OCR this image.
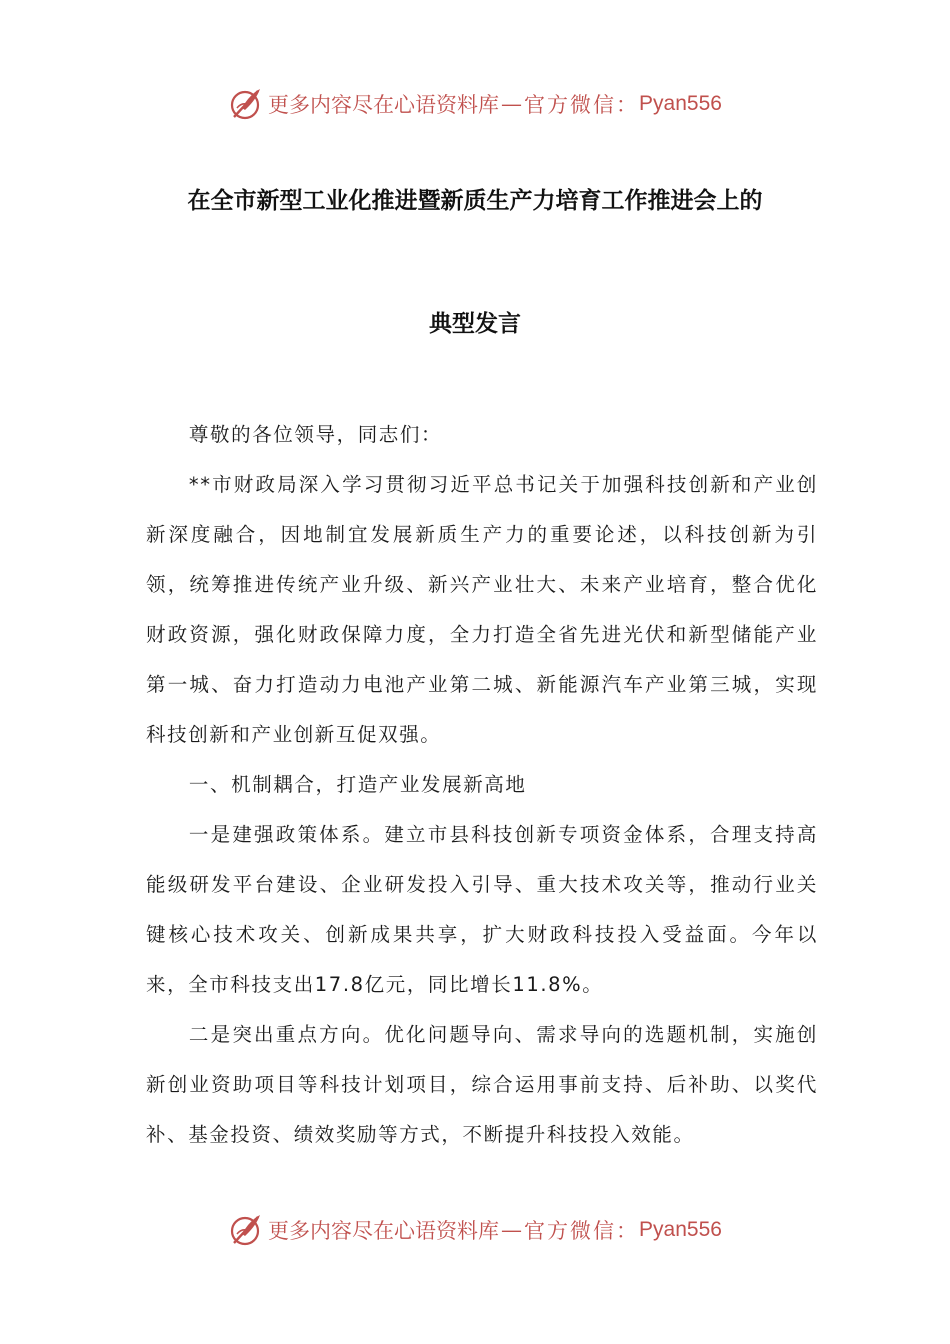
更多内容尽在心语资料库 — 官方微信： Pyan556
在全市新型工业化推进暨新质生产力培育工作推进会上的
典型发言

尊敬的各位领导，同志们：

**市财政局深入学习贯彻习近平总书记关于加强科技创新和产业创新深度融合，因地制宜发展新质生产力的重要论述，以科技创新为引领，统筹推进传统产业升级、新兴产业壮大、未来产业培育，整合优化财政资源，强化财政保障力度，全力打造全省先进光伏和新型储能产业第一城、奋力打造动力电池产业第二城、新能源汽车产业第三城，实现科技创新和产业创新互促双强。

一、机制耦合，打造产业发展新高地

一是建强政策体系。建立市县科技创新专项资金体系，合理支持高能级研发平台建设、企业研发投入引导、重大技术攻关等，推动行业关键核心技术攻关、创新成果共享，扩大财政科技投入受益面。今年以来，全市科技支出17.8亿元，同比增长11.8%。

二是突出重点方向。优化问题导向、需求导向的选题机制，实施创新创业资助项目等科技计划项目，综合运用事前支持、后补助、以奖代补、基金投资、绩效奖励等方式，不断提升科技投入效能。

更多内容尽在心语资料库 — 官方微信： Pyan556
